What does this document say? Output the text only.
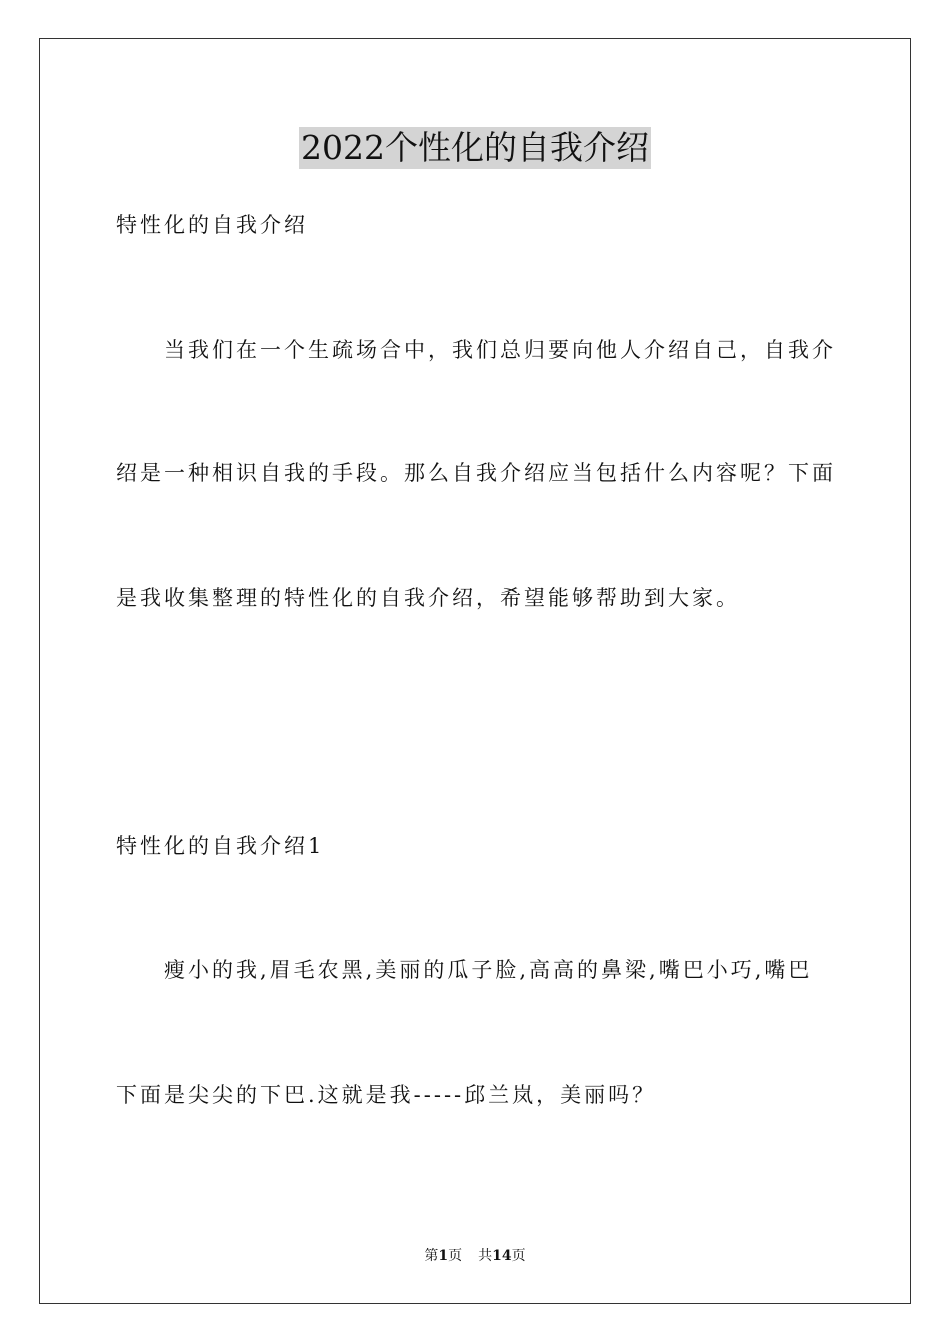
2022个性化的自我介绍
特性化的自我介绍
当我们在一个生疏场合中，我们总归要向他人介绍自己，自我介
绍是一种相识自我的手段。那么自我介绍应当包括什么内容呢？下面
是我收集整理的特性化的自我介绍，希望能够帮助到大家。
特性化的自我介绍1
瘦小的我,眉毛农黑,美丽的瓜子脸,高高的鼻梁,嘴巴小巧,嘴巴
下面是尖尖的下巴.这就是我-----邱兰岚，美丽吗？
第1页 共14页
